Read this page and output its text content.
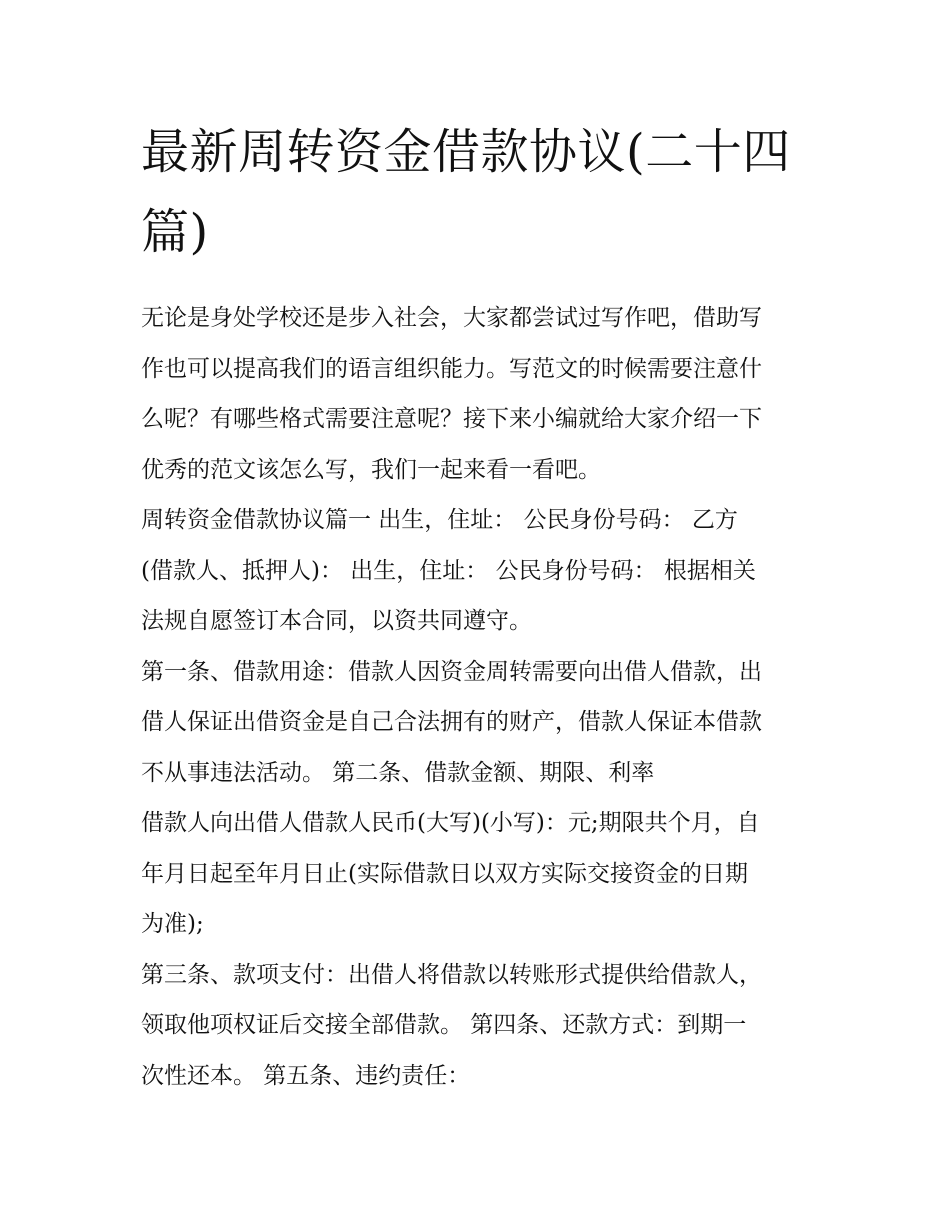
最新周转资金借款协议(二十四
篇)

无论是身处学校还是步入社会，大家都尝试过写作吧，借助写
作也可以提高我们的语言组织能力。写范文的时候需要注意什
么呢？有哪些格式需要注意呢？接下来小编就给大家介绍一下
优秀的范文该怎么写，我们一起来看一看吧。

周转资金借款协议篇一 出生，住址： 公民身份号码： 乙方
(借款人、抵押人)： 出生，住址： 公民身份号码： 根据相关
法规自愿签订本合同，以资共同遵守。

第一条、借款用途：借款人因资金周转需要向出借人借款，出
借人保证出借资金是自己合法拥有的财产，借款人保证本借款
不从事违法活动。 第二条、借款金额、期限、利率

借款人向出借人借款人民币(大写)(小写)：元;期限共个月，自
年月日起至年月日止(实际借款日以双方实际交接资金的日期
为准);

第三条、款项支付：出借人将借款以转账形式提供给借款人，
领取他项权证后交接全部借款。 第四条、还款方式：到期一
次性还本。 第五条、违约责任：
